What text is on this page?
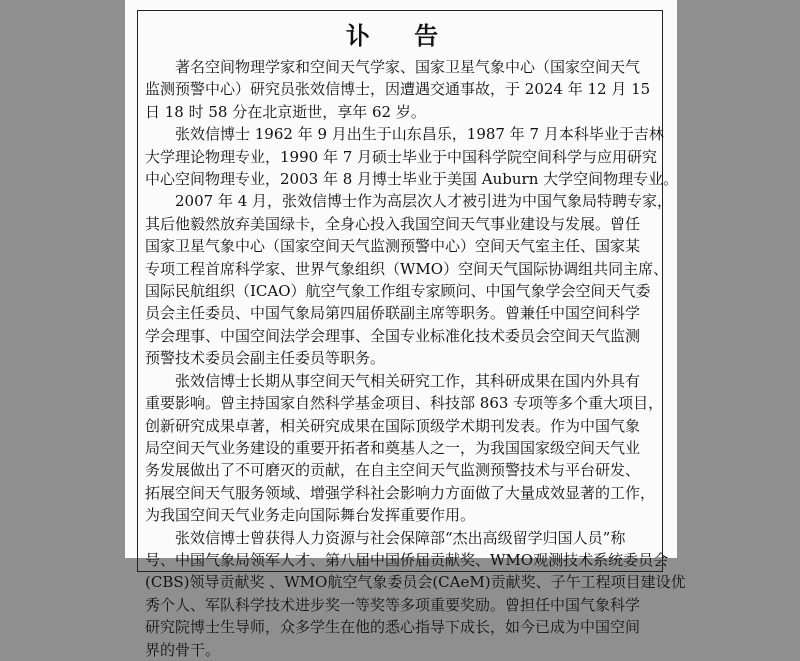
讣 告

著名空间物理学家和空间天气学家、国家卫星气象中心（国家空间天气

监测预警中心）研究员张效信博士，因遭遇交通事故，于 2024 年 12 月 15

日 18 时 58 分在北京逝世，享年 62 岁。

张效信博士 1962 年 9 月出生于山东昌乐，1987 年 7 月本科毕业于吉林

大学理论物理专业，1990 年 7 月硕士毕业于中国科学院空间科学与应用研究

中心空间物理专业，2003 年 8 月博士毕业于美国 Auburn 大学空间物理专业。

2007 年 4 月，张效信博士作为高层次人才被引进为中国气象局特聘专家，

其后他毅然放弃美国绿卡，全身心投入我国空间天气事业建设与发展。曾任

国家卫星气象中心（国家空间天气监测预警中心）空间天气室主任、国家某

专项工程首席科学家、世界气象组织（WMO）空间天气国际协调组共同主席、

国际民航组织（ICAO）航空气象工作组专家顾问、中国气象学会空间天气委

员会主任委员、中国气象局第四届侨联副主席等职务。曾兼任中国空间科学

学会理事、中国空间法学会理事、全国专业标准化技术委员会空间天气监测

预警技术委员会副主任委员等职务。

张效信博士长期从事空间天气相关研究工作，其科研成果在国内外具有

重要影响。曾主持国家自然科学基金项目、科技部 863 专项等多个重大项目，

创新研究成果卓著，相关研究成果在国际顶级学术期刊发表。作为中国气象

局空间天气业务建设的重要开拓者和奠基人之一，为我国国家级空间天气业

务发展做出了不可磨灭的贡献，在自主空间天气监测预警技术与平台研发、

拓展空间天气服务领域、增强学科社会影响力方面做了大量成效显著的工作，

为我国空间天气业务走向国际舞台发挥重要作用。

张效信博士曾获得人力资源与社会保障部“杰出高级留学归国人员”称

号、中国气象局领军人才、第八届中国侨届贡献奖、WMO观测技术系统委员会

(CBS)领导贡献奖 、WMO航空气象委员会(CAeM)贡献奖、子午工程项目建设优

秀个人、军队科学技术进步奖一等奖等多项重要奖励。曾担任中国气象科学

研究院博士生导师，众多学生在他的悉心指导下成长，如今已成为中国空间

界的骨干。
